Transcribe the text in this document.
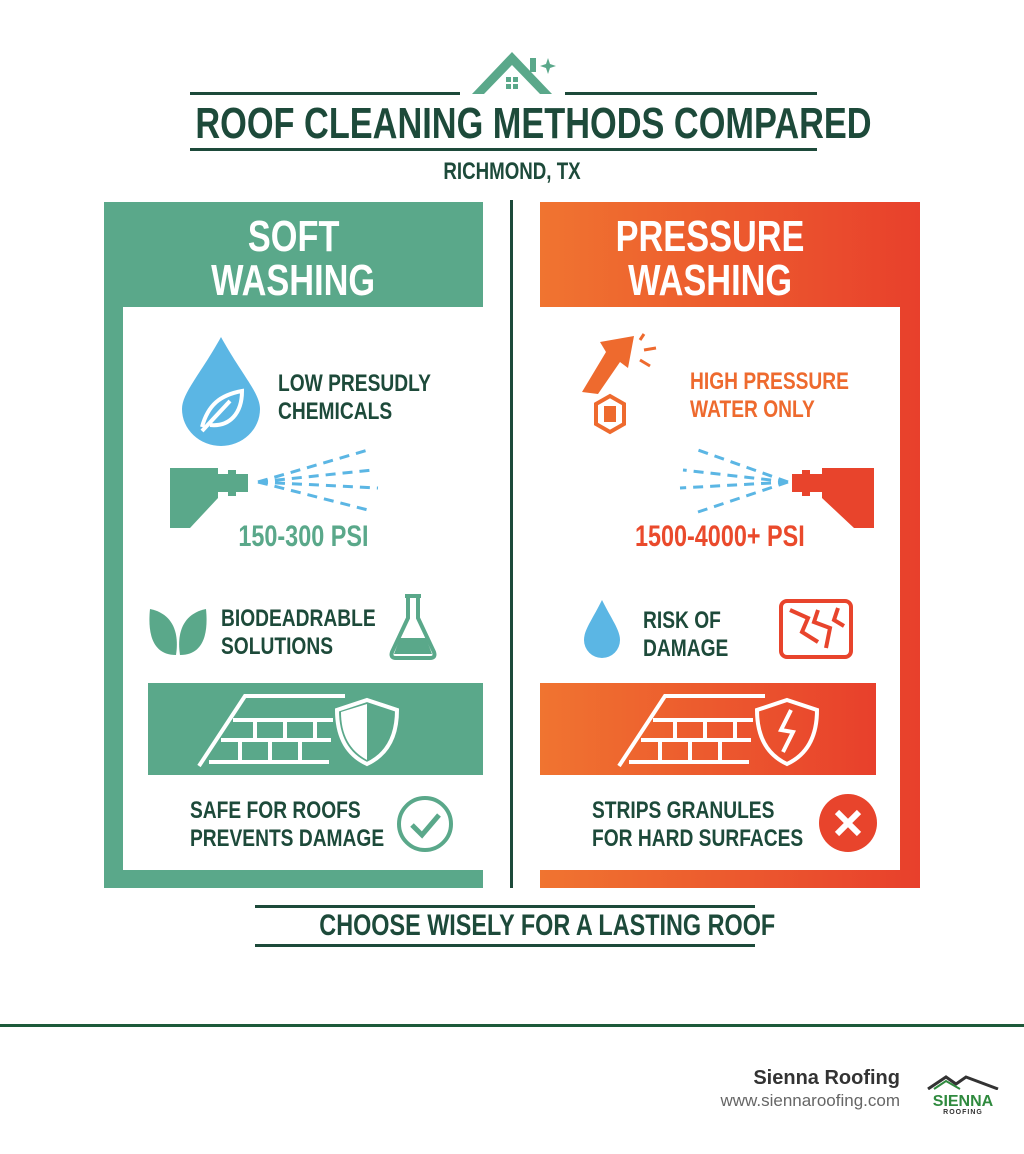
ROOF CLEANING METHODS COMPARED
RICHMOND, TX
SOFT
WASHING
LOW PRESUDLY
CHEMICALS
150-300 PSI
BIODEADRABLE
SOLUTIONS
SAFE FOR ROOFS
PREVENTS DAMAGE
PRESSURE
WASHING
HIGH PRESSURE
WATER ONLY
1500-4000+ PSI
RISK OF
DAMAGE
STRIPS GRANULES
FOR HARD SURFACES
CHOOSE WISELY FOR A LASTING ROOF
Sienna Roofing
www.siennaroofing.com	SIENNA
ROOFING
